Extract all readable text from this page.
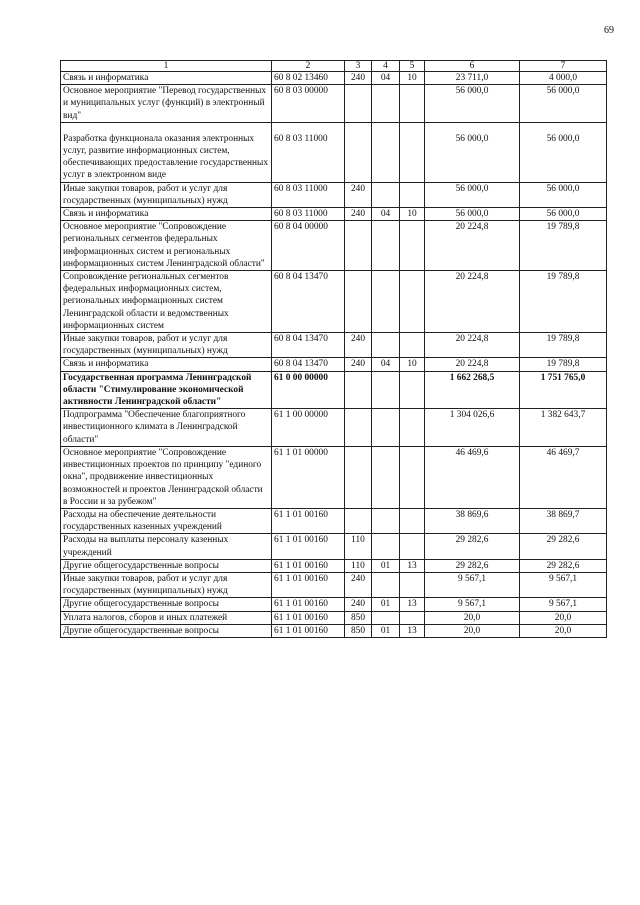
69
1	2	3	4	5	6	7
Связь и информатика	60 8 02 13460	240	04	10	23 711,0	4 000,0
Основное мероприятие "Перевод государственных и муниципальных услуг (функций) в электронный вид"	60 8 03 00000				56 000,0	56 000,0
Разработка функционала оказания электронных услуг, развитие информационных систем, обеспечивающих предоставление государственных услуг в электронном виде	60 8 03 11000				56 000,0	56 000,0
Иные закупки товаров, работ и услуг для государственных (муниципальных) нужд	60 8 03 11000	240			56 000,0	56 000,0
Связь и информатика	60 8 03 11000	240	04	10	56 000,0	56 000,0
Основное мероприятие "Сопровождение региональных сегментов федеральных информационных систем и региональных информационных систем Ленинградской области"	60 8 04 00000				20 224,8	19 789,8
Сопровождение региональных сегментов федеральных информационных систем, региональных информационных систем Ленинградской области и ведомственных информационных систем	60 8 04 13470				20 224,8	19 789,8
Иные закупки товаров, работ и услуг для государственных (муниципальных) нужд	60 8 04 13470	240			20 224,8	19 789,8
Связь и информатика	60 8 04 13470	240	04	10	20 224,8	19 789,8
Государственная программа Ленинградской области "Стимулирование экономической активности Ленинградской области"	61 0 00 00000				1 662 268,5	1 751 765,0
Подпрограмма "Обеспечение благоприятного инвестиционного климата в Ленинградской области"	61 1 00 00000				1 304 026,6	1 382 643,7
Основное мероприятие "Сопровождение инвестиционных проектов по принципу "единого окна", продвижение инвестиционных возможностей и проектов Ленинградской области в России и за рубежом"	61 1 01 00000				46 469,6	46 469,7
Расходы на обеспечение деятельности государственных казенных учреждений	61 1 01 00160				38 869,6	38 869,7
Расходы на выплаты персоналу казенных учреждений	61 1 01 00160	110			29 282,6	29 282,6
Другие общегосударственные вопросы	61 1 01 00160	110	01	13	29 282,6	29 282,6
Иные закупки товаров, работ и услуг для государственных (муниципальных) нужд	61 1 01 00160	240			9 567,1	9 567,1
Другие общегосударственные вопросы	61 1 01 00160	240	01	13	9 567,1	9 567,1
Уплата налогов, сборов и иных платежей	61 1 01 00160	850			20,0	20,0
Другие общегосударственные вопросы	61 1 01 00160	850	01	13	20,0	20,0
